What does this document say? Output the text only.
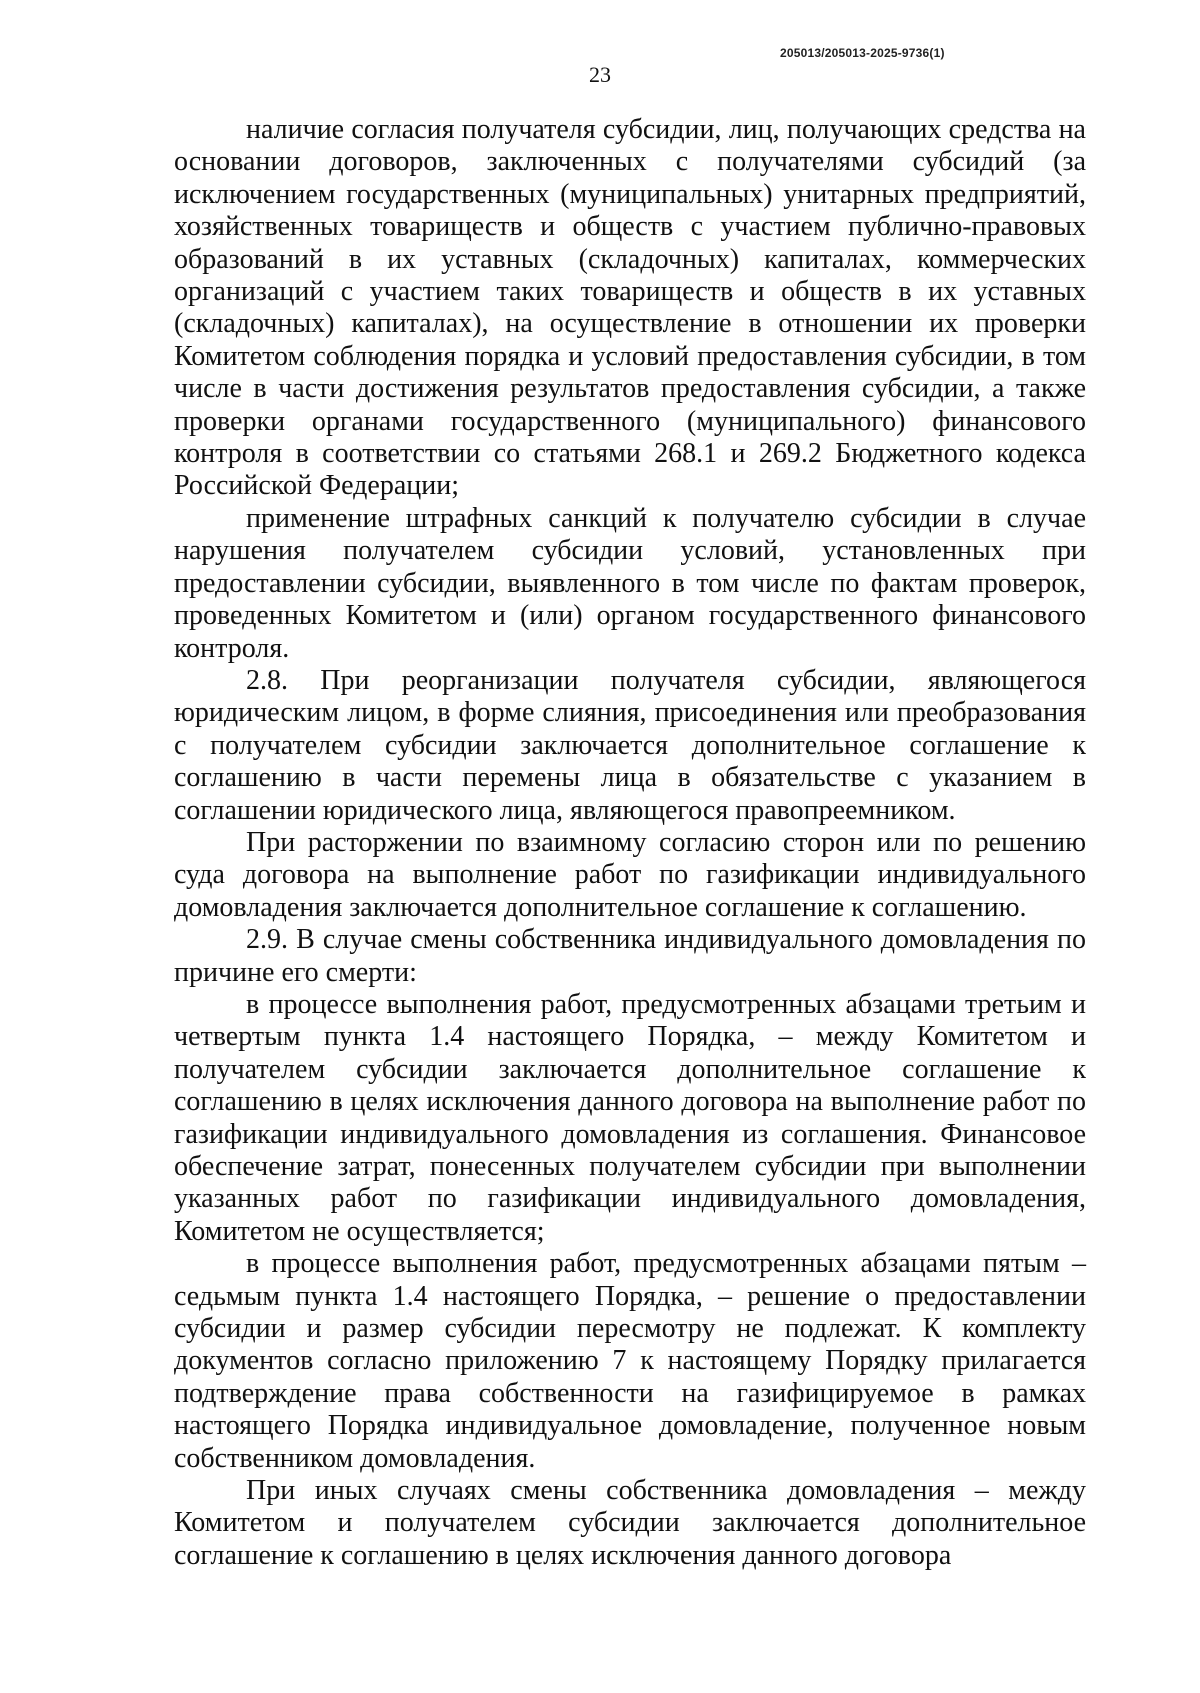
205013/205013-2025-9736(1)
23

наличие согласия получателя субсидии, лиц, получающих средства на основании договоров, заключенных с получателями субсидий (за исключением государственных (муниципальных) унитарных предприятий, хозяйственных товариществ и обществ с участием публично-правовых образований в их уставных (складочных) капиталах, коммерческих организаций с участием таких товариществ и обществ в их уставных (складочных) капиталах), на осуществление в отношении их проверки Комитетом соблюдения порядка и условий предоставления субсидии, в том числе в части достижения результатов предоставления субсидии, а также проверки органами государственного (муниципального) финансового контроля в соответствии со статьями 268.1 и 269.2 Бюджетного кодекса Российской Федерации;

применение штрафных санкций к получателю субсидии в случае нарушения получателем субсидии условий, установленных при предоставлении субсидии, выявленного в том числе по фактам проверок, проведенных Комитетом и (или) органом государственного финансового контроля.

2.8. При реорганизации получателя субсидии, являющегося юридическим лицом, в форме слияния, присоединения или преобразования с получателем субсидии заключается дополнительное соглашение к соглашению в части перемены лица в обязательстве с указанием в соглашении юридического лица, являющегося правопреемником.

При расторжении по взаимному согласию сторон или по решению суда договора на выполнение работ по газификации индивидуального домовладения заключается дополнительное соглашение к соглашению.

2.9. В случае смены собственника индивидуального домовладения по причине его смерти:

в процессе выполнения работ, предусмотренных абзацами третьим и четвертым пункта 1.4 настоящего Порядка, – между Комитетом и получателем субсидии заключается дополнительное соглашение к соглашению в целях исключения данного договора на выполнение работ по газификации индивидуального домовладения из соглашения. Финансовое обеспечение затрат, понесенных получателем субсидии при выполнении указанных работ по газификации индивидуального домовладения, Комитетом не осуществляется;

в процессе выполнения работ, предусмотренных абзацами пятым – седьмым пункта 1.4 настоящего Порядка, – решение о предоставлении субсидии и размер субсидии пересмотру не подлежат. К комплекту документов согласно приложению 7 к настоящему Порядку прилагается подтверждение права собственности на газифицируемое в рамках настоящего Порядка индивидуальное домовладение, полученное новым собственником домовладения.

При иных случаях смены собственника домовладения – между Комитетом и получателем субсидии заключается дополнительное соглашение к соглашению в целях исключения данного договора
